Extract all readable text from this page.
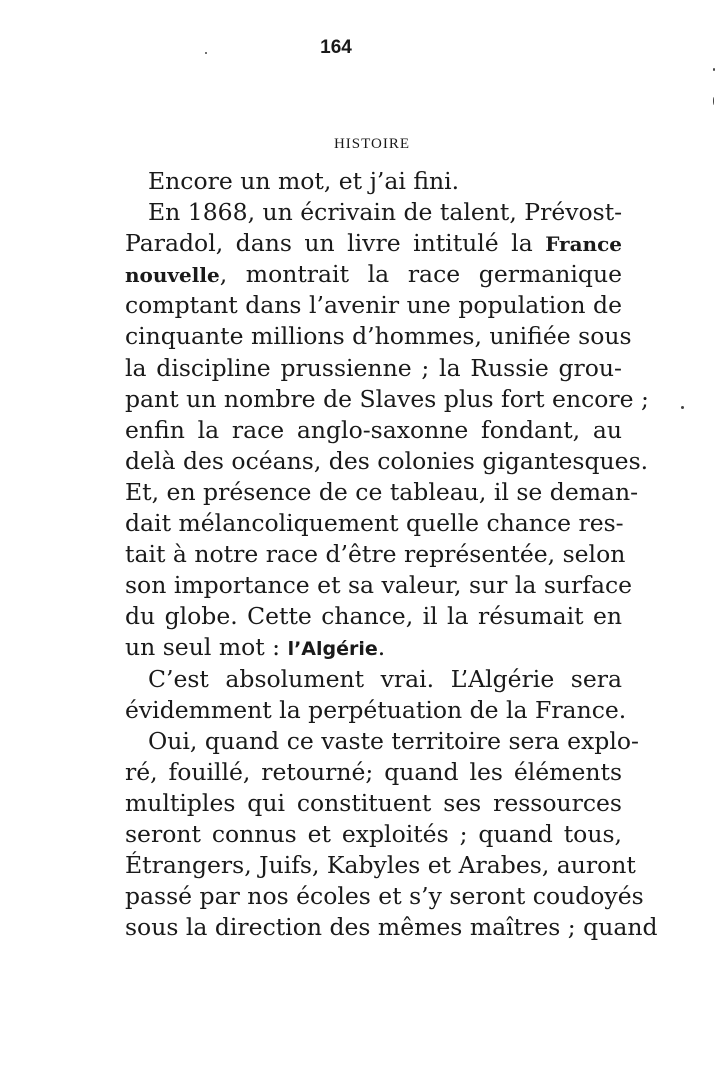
164
HISTOIRE
Encore un mot, et j’ai fini.
En 1868, un écrivain de talent, Prévost-
Paradol, dans un livre intitulé la France
nouvelle, montrait la race germanique
comptant dans l’avenir une population de
cinquante millions d’hommes, unifiée sous
la discipline prussienne ; la Russie grou-
pant un nombre de Slaves plus fort encore ;
enfin la race anglo-saxonne fondant, au
delà des océans, des colonies gigantesques.
Et, en présence de ce tableau, il se deman-
dait mélancoliquement quelle chance res-
tait à notre race d’être représentée, selon
son importance et sa valeur, sur la surface
du globe. Cette chance, il la résumait en
un seul mot : l’Algérie.
C’est absolument vrai. L’Algérie sera
évidemment la perpétuation de la France.
Oui, quand ce vaste territoire sera explo-
ré, fouillé, retourné; quand les éléments
multiples qui constituent ses ressources
seront connus et exploités ; quand tous,
Étrangers, Juifs, Kabyles et Arabes, auront
passé par nos écoles et s’y seront coudoyés
sous la direction des mêmes maîtres ; quand
